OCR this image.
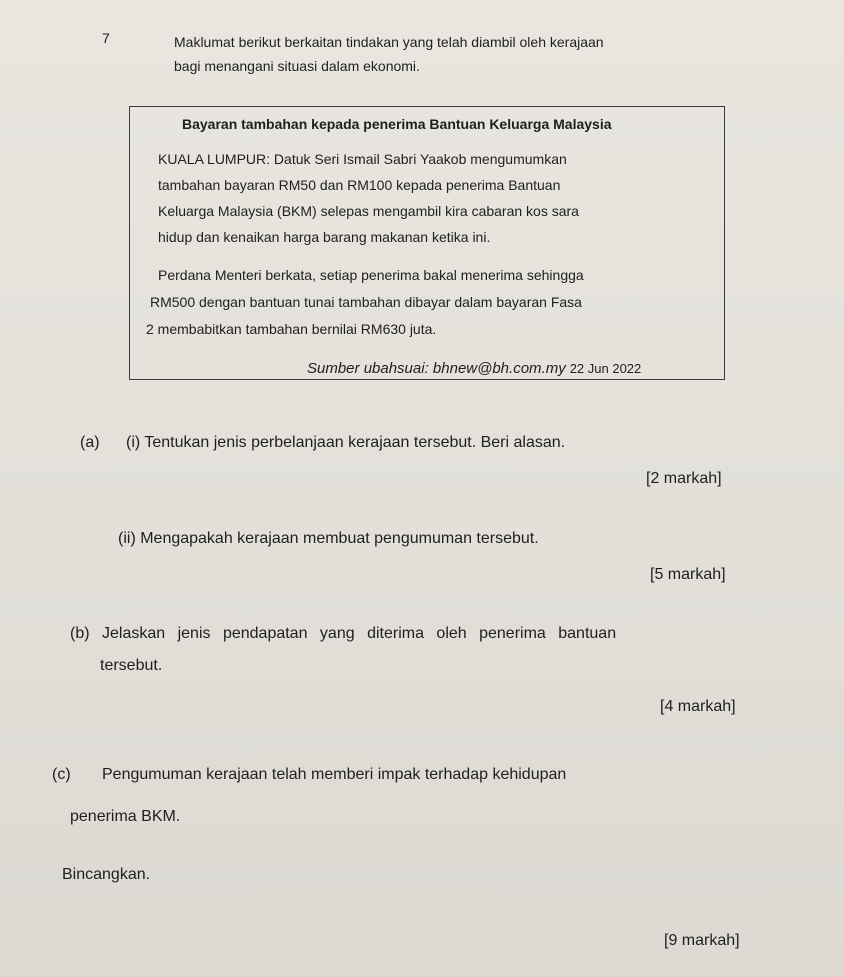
7	Maklumat berikut berkaitan tindakan yang telah diambil oleh kerajaan
bagi menangani situasi dalam ekonomi.
Bayaran tambahan kepada penerima Bantuan Keluarga Malaysia
KUALA LUMPUR: Datuk Seri Ismail Sabri Yaakob mengumumkan
tambahan bayaran RM50 dan RM100 kepada penerima Bantuan
Keluarga Malaysia (BKM) selepas mengambil kira cabaran kos sara
hidup dan kenaikan harga barang makanan ketika ini.
Perdana Menteri berkata, setiap penerima bakal menerima sehingga
RM500 dengan bantuan tunai tambahan dibayar dalam bayaran Fasa
2 membabitkan tambahan bernilai RM630 juta.
Sumber ubahsuai: bhnew@bh.com.my 22 Jun 2022
(a) (i) Tentukan jenis perbelanjaan kerajaan tersebut. Beri alasan.
[2 markah]
(ii) Mengapakah kerajaan membuat pengumuman tersebut.
[5 markah]
(b) Jelaskan jenis pendapatan yang diterima oleh penerima bantuan
tersebut.
[4 markah]
(c) Pengumuman kerajaan telah memberi impak terhadap kehidupan
penerima BKM.
Bincangkan.
[9 markah]
